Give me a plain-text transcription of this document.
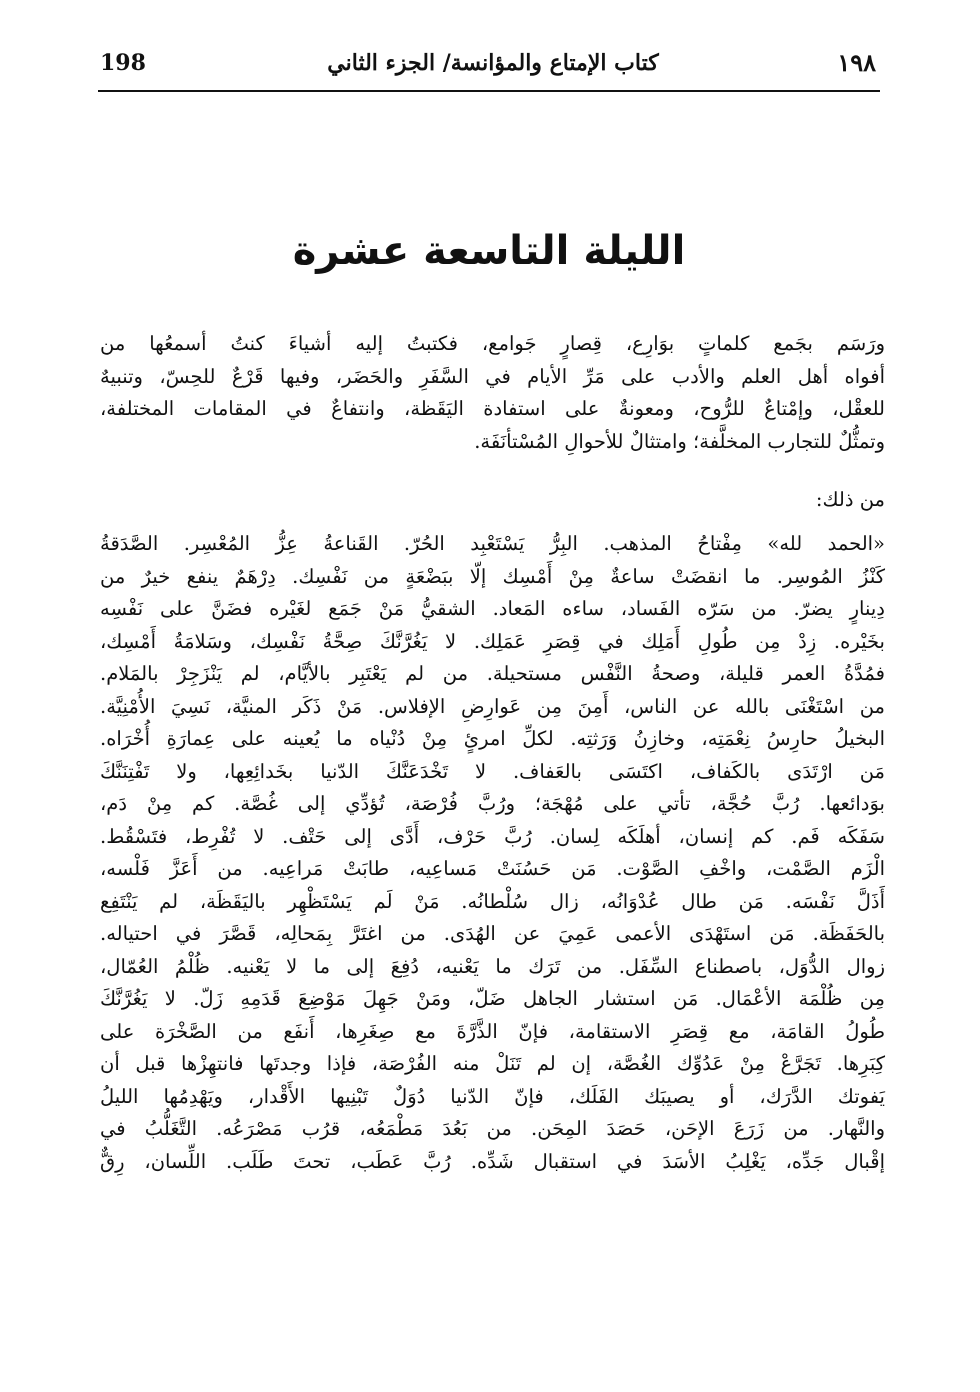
198	كتاب الإمتاع والمؤانسة/ الجزء الثاني	١٩٨
الليلة التاسعة عشرة
ورَسَم بجَمع كلماتٍ بوَارِع، قِصارٍ جَوامع، فكتبتُ إليه أشياءَ كنتُ أسمعُها من
أفواه أهل العلم والأدب على مَرِّ الأيام في السَّفَرِ والحَضَر، وفيها قَرْعٌ للحِسّ، وتنبيهٌ
للعقْل، وإمْتاعٌ للرُّوح، ومعونةٌ على استفادة اليَقَظة، وانتفاعٌ في المقامات المختلفة،
وتمثُّلٌ للتجارب المخلَّفة؛ وامتثالٌ للأحوالِ المُسْتأنَفَة.
من ذلك:
«الحمد لله» مِفْتاحُ المذهب. البِرُّ يَسْتَعْبِد الحُرّ. القَناعةُ عِزُّ المُعْسِر. الصَّدَقةُ
كَنْزُ المُوسِر. ما انقضَتْ ساعةٌ مِنْ أَمْسِك إلّا ببَضْعَةٍ من نَفْسِك. دِرْهَمٌ ينفع خيرٌ من
دِينارٍ يضرّ. من سَرّه الفَساد، ساءه المَعاد. الشقيُّ مَنْ جَمَع لغَيْره فضَنَّ على نَفْسِه
بخَيْره. زِدْ مِن طُولِ أَمَلِك في قِصَرِ عَمَلِك. لا يَغُرَّنَّكَ صِحَّةُ نَفْسِك، وسَلامَةُ أَمْسِك،
فمُدَّةُ العمر قليلة، وصحةُ النَّفْس مستحيلة. من لم يَعْتَبِر بالأيَّام، لم يَنْزَجِرْ بالمَلام.
من اسْتَغْنَى بالله عن الناس، أَمِنَ مِن عَوارِضِ الإفلاس. مَنْ ذَكَر المنيَّة، نَسِيَ الأُمْنِيَّة.
البخيلُ حارِسُ نِعْمَتِه، وخازِنُ وَرَثتِه. لكلِّ امرئٍ مِنْ دُنْياه ما يُعينه على عِمارَةِ أُخْرَاه.
مَن ارْتَدَى بالكَفاف، اكتَسَى بالعَفاف. لا تَخْدَعَنَّكَ الدّنيا بخَدائِعِها، ولا تَفْتِنَنَّكَ
بوَدائعها. رُبَّ حُجَّة، تأتي على مُهْجَة؛ ورُبَّ فُرْصَة، تُؤدِّي إلى غُصَّة. كم مِنْ دَم،
سَفَكَه فَم. كم إنسان، أهلَكَه لِسان. رُبَّ حَرْف، أَدَّى إلى حَتْف. لا تُفْرِط، فتَسْقُط.
الْزَم الصَّمْت، واخْفِ الصَّوْت. مَن حَسُنَتْ مَساعِيه، طابَتْ مَراعِيه. من أَعَزَّ فَلْسه،
أَذَلَّ نَفْسَه. مَن طال عُدْوَانُه، زال سُلْطانُه. مَنْ لَم يَسْتَظْهِر باليَقَظَة، لم يَنْتَفِع
بالحَفَظَة. مَن استَهْدَى الأعمى عَمِيَ عن الهُدَى. من اغتَرَّ بِمَحالِه، قَصَّرَ في احتياله.
زوال الدُّوَل، باصطناع السِّفَل. من تَرَك ما يَعْنيه، دُفِعَ إلى ما لا يَعْنيه. ظُلْمُ العُمّال،
مِن ظُلْمَة الأعْمَال. مَن استشار الجاهل ضَلّ، ومَنْ جَهِلَ مَوْضِعَ قَدَمِهِ زَلّ. لا يَغُرَّنَّكَ
طُولُ القامَة، مع قِصَرِ الاستقامة، فإنّ الذَّرَّةَ مع صِغَرِها، أَنفَع من الصَّخْرَة على
كِبَرِها. تَجَرَّعْ مِنْ عَدُوِّك الغُصَّة، إن لم تَنَلْ منه الفُرْصَة، فإذا وجدتَها فانتهِزْها قبل أن
يَفوتك الدَّرَك، أو يصيبَك الفَلَك، فإنّ الدّنيا دُوَلٌ تَبْنِيها الأَقْدار، ويَهْدِمُها الليلُ
والنَّهار. من زَرَعَ الإحَن، حَصَدَ المِحَن. من بَعُدَ مَطْمَعُه، قرُب مَصْرَعُه. التَّغَلُّبُ في
إقْبال جَدِّه، يَغْلِبُ الأسَدَ في استقبال شَدِّه. رُبَّ عَطَب، تحتَ طَلَب. اللِّسان، رِقٌّ
